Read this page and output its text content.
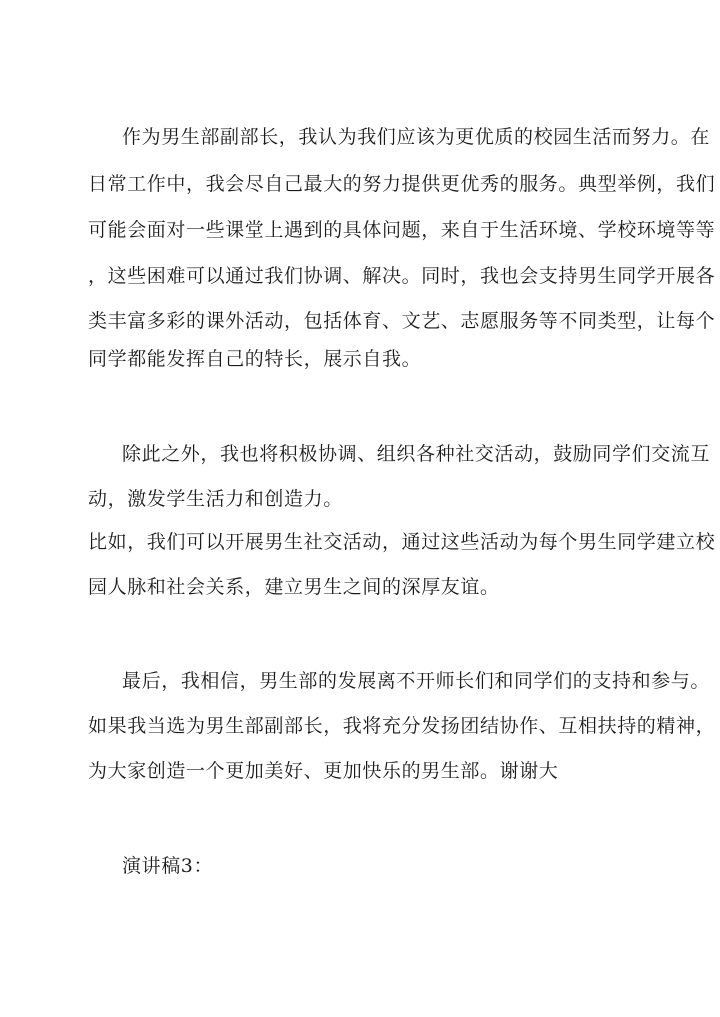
作为男生部副部长，我认为我们应该为更优质的校园生活而努力。在
日常工作中，我会尽自己最大的努力提供更优秀的服务。典型举例，我们
可能会面对一些课堂上遇到的具体问题，来自于生活环境、学校环境等等
，这些困难可以通过我们协调、解决。同时，我也会支持男生同学开展各
类丰富多彩的课外活动，包括体育、文艺、志愿服务等不同类型，让每个
同学都能发挥自己的特长，展示自我。
除此之外，我也将积极协调、组织各种社交活动，鼓励同学们交流互
动，激发学生活力和创造力。
比如，我们可以开展男生社交活动，通过这些活动为每个男生同学建立校
园人脉和社会关系，建立男生之间的深厚友谊。
最后，我相信，男生部的发展离不开师长们和同学们的支持和参与。
如果我当选为男生部副部长，我将充分发扬团结协作、互相扶持的精神，
为大家创造一个更加美好、更加快乐的男生部。谢谢大
演讲稿3：
